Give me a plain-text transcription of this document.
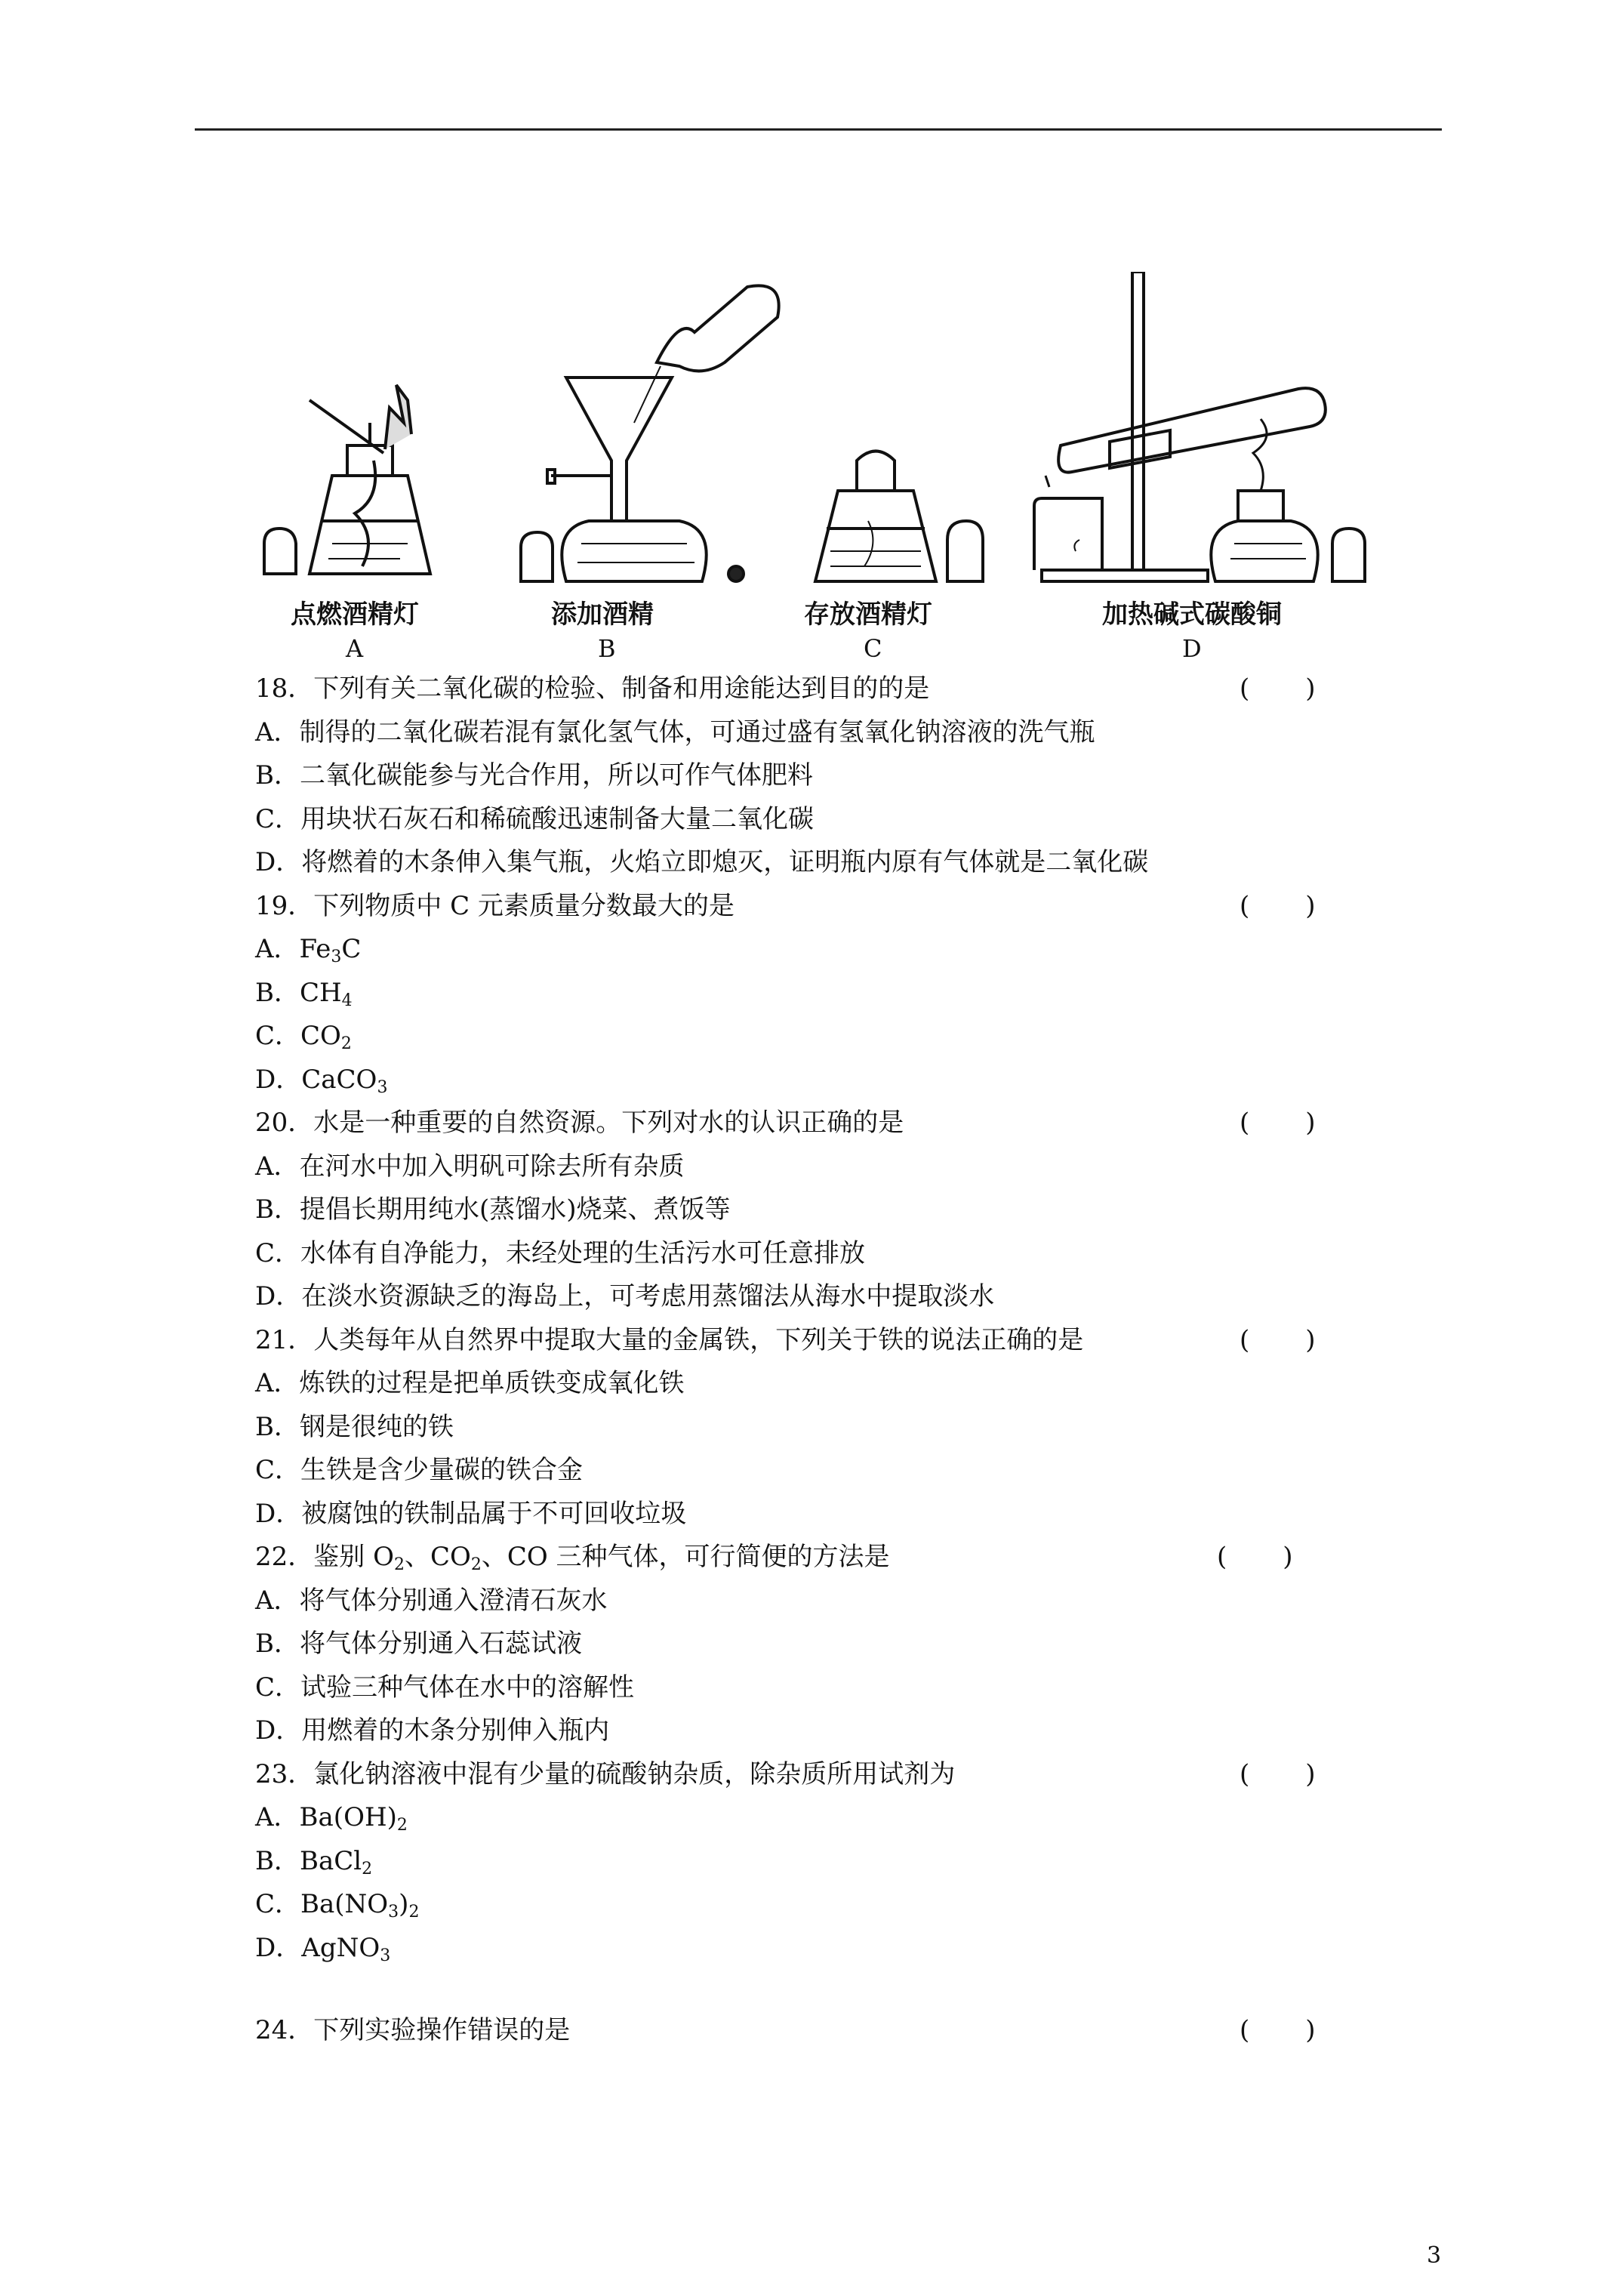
点燃酒精灯
A
添加酒精
B
存放酒精灯
C
加热碱式碳酸铜
D
18．下列有关二氧化碳的检验、制备和用途能达到目的的是	( )
A．制得的二氧化碳若混有氯化氢气体，可通过盛有氢氧化钠溶液的洗气瓶
B．二氧化碳能参与光合作用，所以可作气体肥料
C．用块状石灰石和稀硫酸迅速制备大量二氧化碳
D．将燃着的木条伸入集气瓶，火焰立即熄灭，证明瓶内原有气体就是二氧化碳
19．下列物质中 C 元素质量分数最大的是	( )
A．$Fe_3C$
B．$CH_4$
C．$CO_2$
D．CaCO$_3$
20．水是一种重要的自然资源。下列对水的认识正确的是	( )
A．在河水中加入明矾可除去所有杂质
B．提倡长期用纯水(蒸馏水)烧菜、煮饭等
C．水体有自净能力，未经处理的生活污水可任意排放
D．在淡水资源缺乏的海岛上，可考虑用蒸馏法从海水中提取淡水
21．人类每年从自然界中提取大量的金属铁，下列关于铁的说法正确的是	( )
A．炼铁的过程是把单质铁变成氧化铁
B．钢是很纯的铁
C．生铁是含少量碳的铁合金
D．被腐蚀的铁制品属于不可回收垃圾
22．鉴别 $O_2$、$CO_2$、CO 三种气体，可行简便的方法是	( )
A．将气体分别通入澄清石灰水
B．将气体分别通入石蕊试液
C．试验三种气体在水中的溶解性
D．用燃着的木条分别伸入瓶内
23．氯化钠溶液中混有少量的硫酸钠杂质，除杂质所用试剂为	( )
A．$Ba(OH)_2$
B．BaCl$_2$
C．$Ba(NO_3)_2$
D．AgNO$_3$
24．下列实验操作错误的是	( )
3
